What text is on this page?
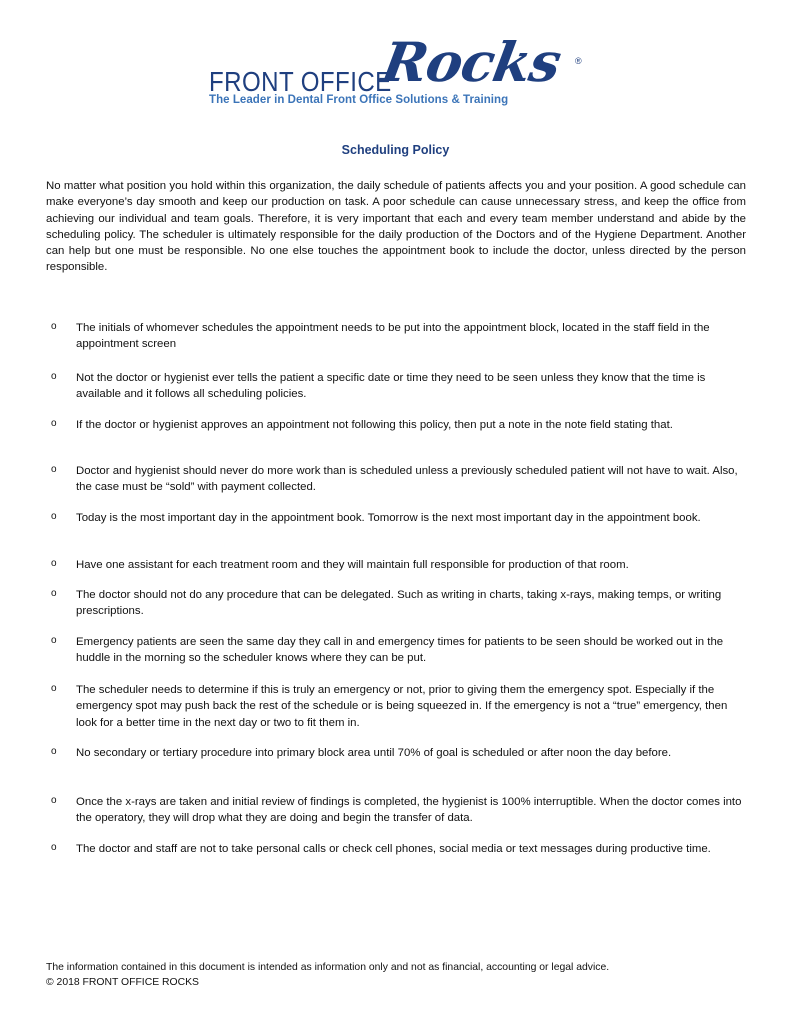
FRONT OFFICE
Rocks ®
The Leader in Dental Front Office Solutions & Training
Scheduling Policy

No matter what position you hold within this organization, the daily schedule of patients affects you and your position. A good schedule can make everyone’s day smooth and keep our production on task. A poor schedule can cause unnecessary stress, and keep the office from achieving our individual and team goals. Therefore, it is very important that each and every team member understand and abide by the scheduling policy. The scheduler is ultimately responsible for the daily production of the Doctors and of the Hygiene Department. Another can help but one must be responsible. No one else touches the appointment book to include the doctor, unless directed by the person responsible.

o The initials of whomever schedules the appointment needs to be put into the appointment block, located in the staff field in the appointment screen
o Not the doctor or hygienist ever tells the patient a specific date or time they need to be seen unless they know that the time is available and it follows all scheduling policies.
o If the doctor or hygienist approves an appointment not following this policy, then put a note in the note field stating that.
o Doctor and hygienist should never do more work than is scheduled unless a previously scheduled patient will not have to wait. Also, the case must be “sold” with payment collected.
o Today is the most important day in the appointment book. Tomorrow is the next most important day in the appointment book.
o Have one assistant for each treatment room and they will maintain full responsible for production of that room.
o The doctor should not do any procedure that can be delegated. Such as writing in charts, taking x-rays, making temps, or writing prescriptions.
o Emergency patients are seen the same day they call in and emergency times for patients to be seen should be worked out in the huddle in the morning so the scheduler knows where they can be put.
o The scheduler needs to determine if this is truly an emergency or not, prior to giving them the emergency spot. Especially if the emergency spot may push back the rest of the schedule or is being squeezed in. If the emergency is not a “true” emergency, then look for a better time in the next day or two to fit them in.
o No secondary or tertiary procedure into primary block area until 70% of goal is scheduled or after noon the day before.
o Once the x-rays are taken and initial review of findings is completed, the hygienist is 100% interruptible. When the doctor comes into the operatory, they will drop what they are doing and begin the transfer of data.
o The doctor and staff are not to take personal calls or check cell phones, social media or text messages during productive time.
The information contained in this document is intended as information only and not as financial, accounting or legal advice.
© 2018 FRONT OFFICE ROCKS
